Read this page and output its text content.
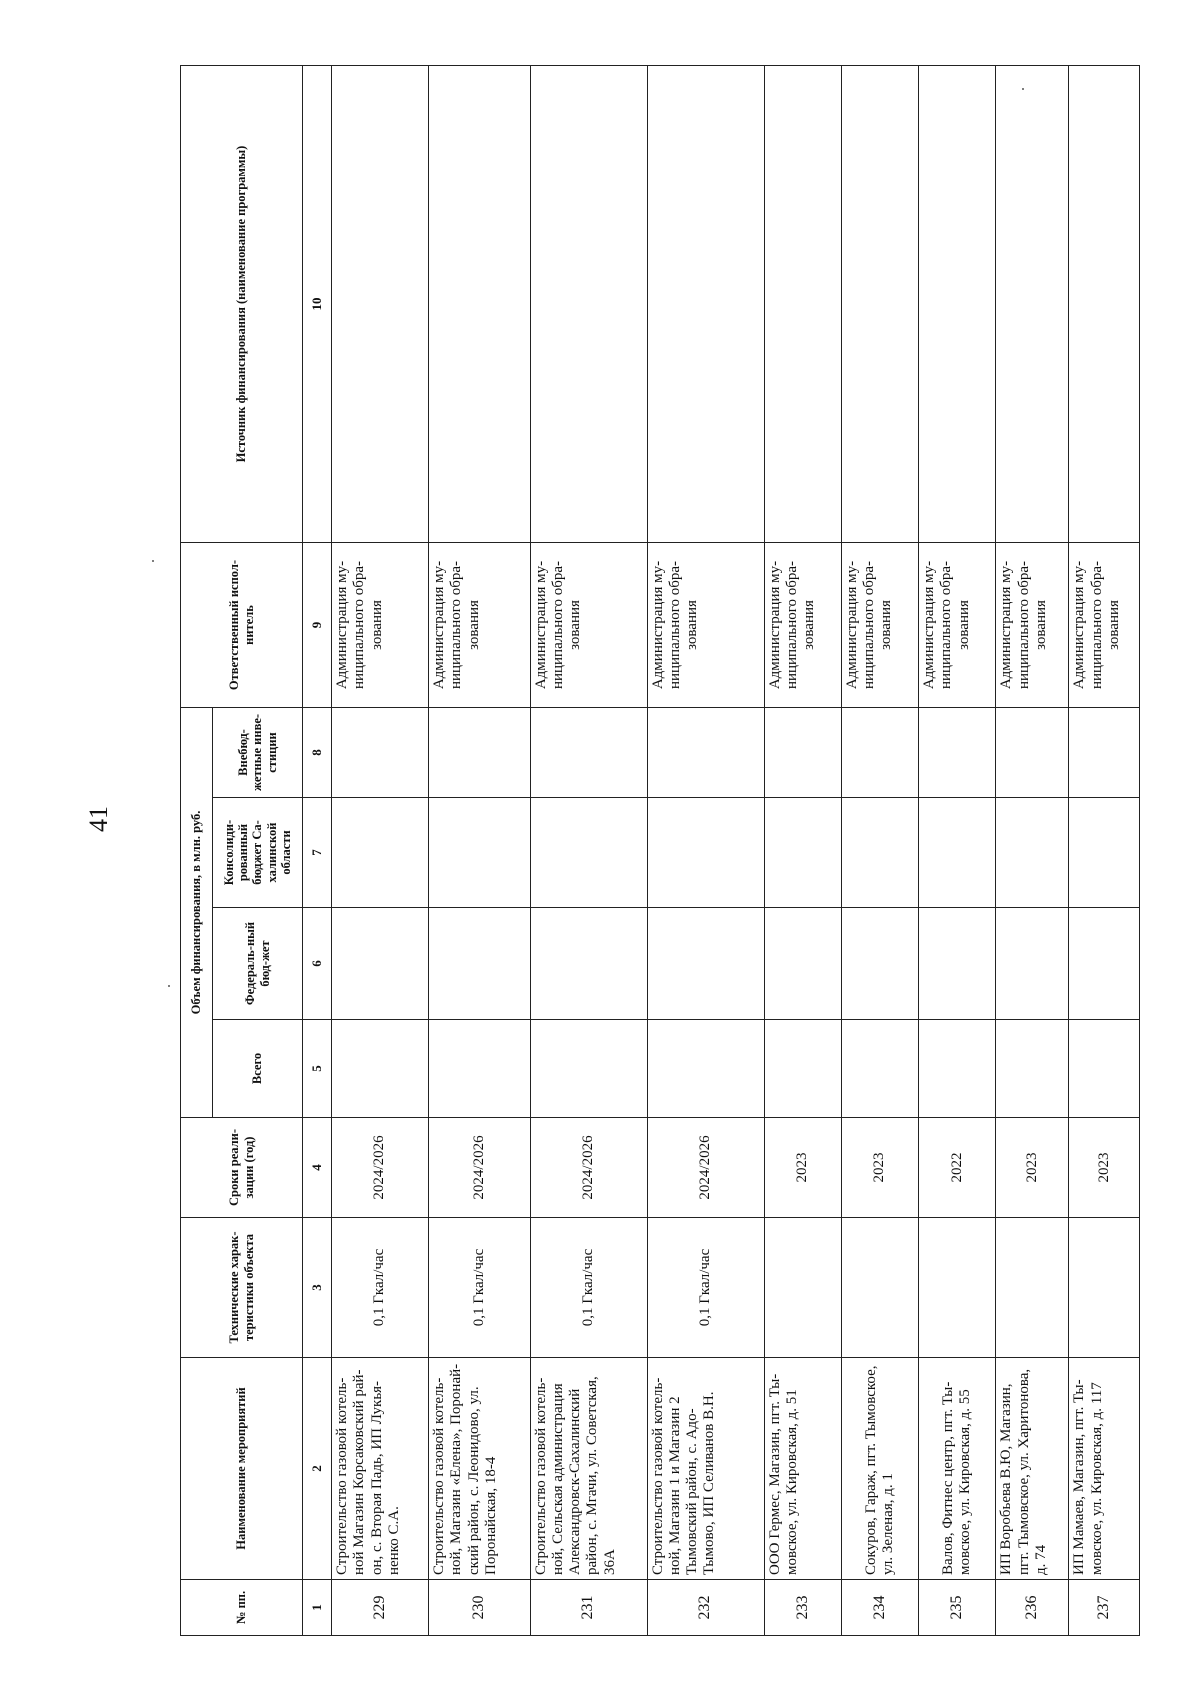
41
№ пп.	Наименование мероприятий	Технические харак-теристики объекта	Сроки реали-зации (год)	Объем финансирования, в млн. руб.				Ответственный испол-нитель	Источник финансирования (наименование программы)
				Всего	Федераль-ный бюд-жет	Консолиди-рованный бюджет Са-халинской области	Внебюд-жетные инве-стиции		
1	2	3	4	5	6	7	8	9	10
229	Строительство газовой котель-ной Магазин Корсаковский рай-он, с. Вторая Падь, ИП Лукья-ненко С.А.	0,1 Гкал/час	2024/2026					Администрация му-ниципального обра-зования	
230	Строительство газовой котель-ной, Магазин «Елена», Поронай-ский район, с. Леонидово, ул. Поронайская, 18-4	0,1 Гкал/час	2024/2026					Администрация му-ниципального обра-зования	
231	Строительство газовой котель-ной, Сельская администрация Александровск-Сахалинский район, с. Мгачи, ул. Советская, 36А	0,1 Гкал/час	2024/2026					Администрация му-ниципального обра-зования	
232	Строительство газовой котель-ной, Магазин 1 и Магазин 2 Тымовский район, с. Адо-Тымово, ИП Селиванов В.Н.	0,1 Гкал/час	2024/2026					Администрация му-ниципального обра-зования	
233	ООО Гермес, Магазин, пгт. Ты-мовское, ул. Кировская, д. 51		2023					Администрация му-ниципального обра-зования	
234	Сокуров, Гараж, пгт. Тымовское, ул. Зеленая, д. 1		2023					Администрация му-ниципального обра-зования	
235	Валов, Фитнес центр, пгт. Ты-мовское, ул. Кировская, д. 55		2022					Администрация му-ниципального обра-зования	
236	ИП Воробьева В.Ю, Магазин, пгт. Тымовское, ул. Харитонова, д. 74		2023					Администрация му-ниципального обра-зования	
237	ИП Мамаев, Магазин, пгт. Ты-мовское, ул. Кировская, д. 117		2023					Администрация му-ниципального обра-зования	
